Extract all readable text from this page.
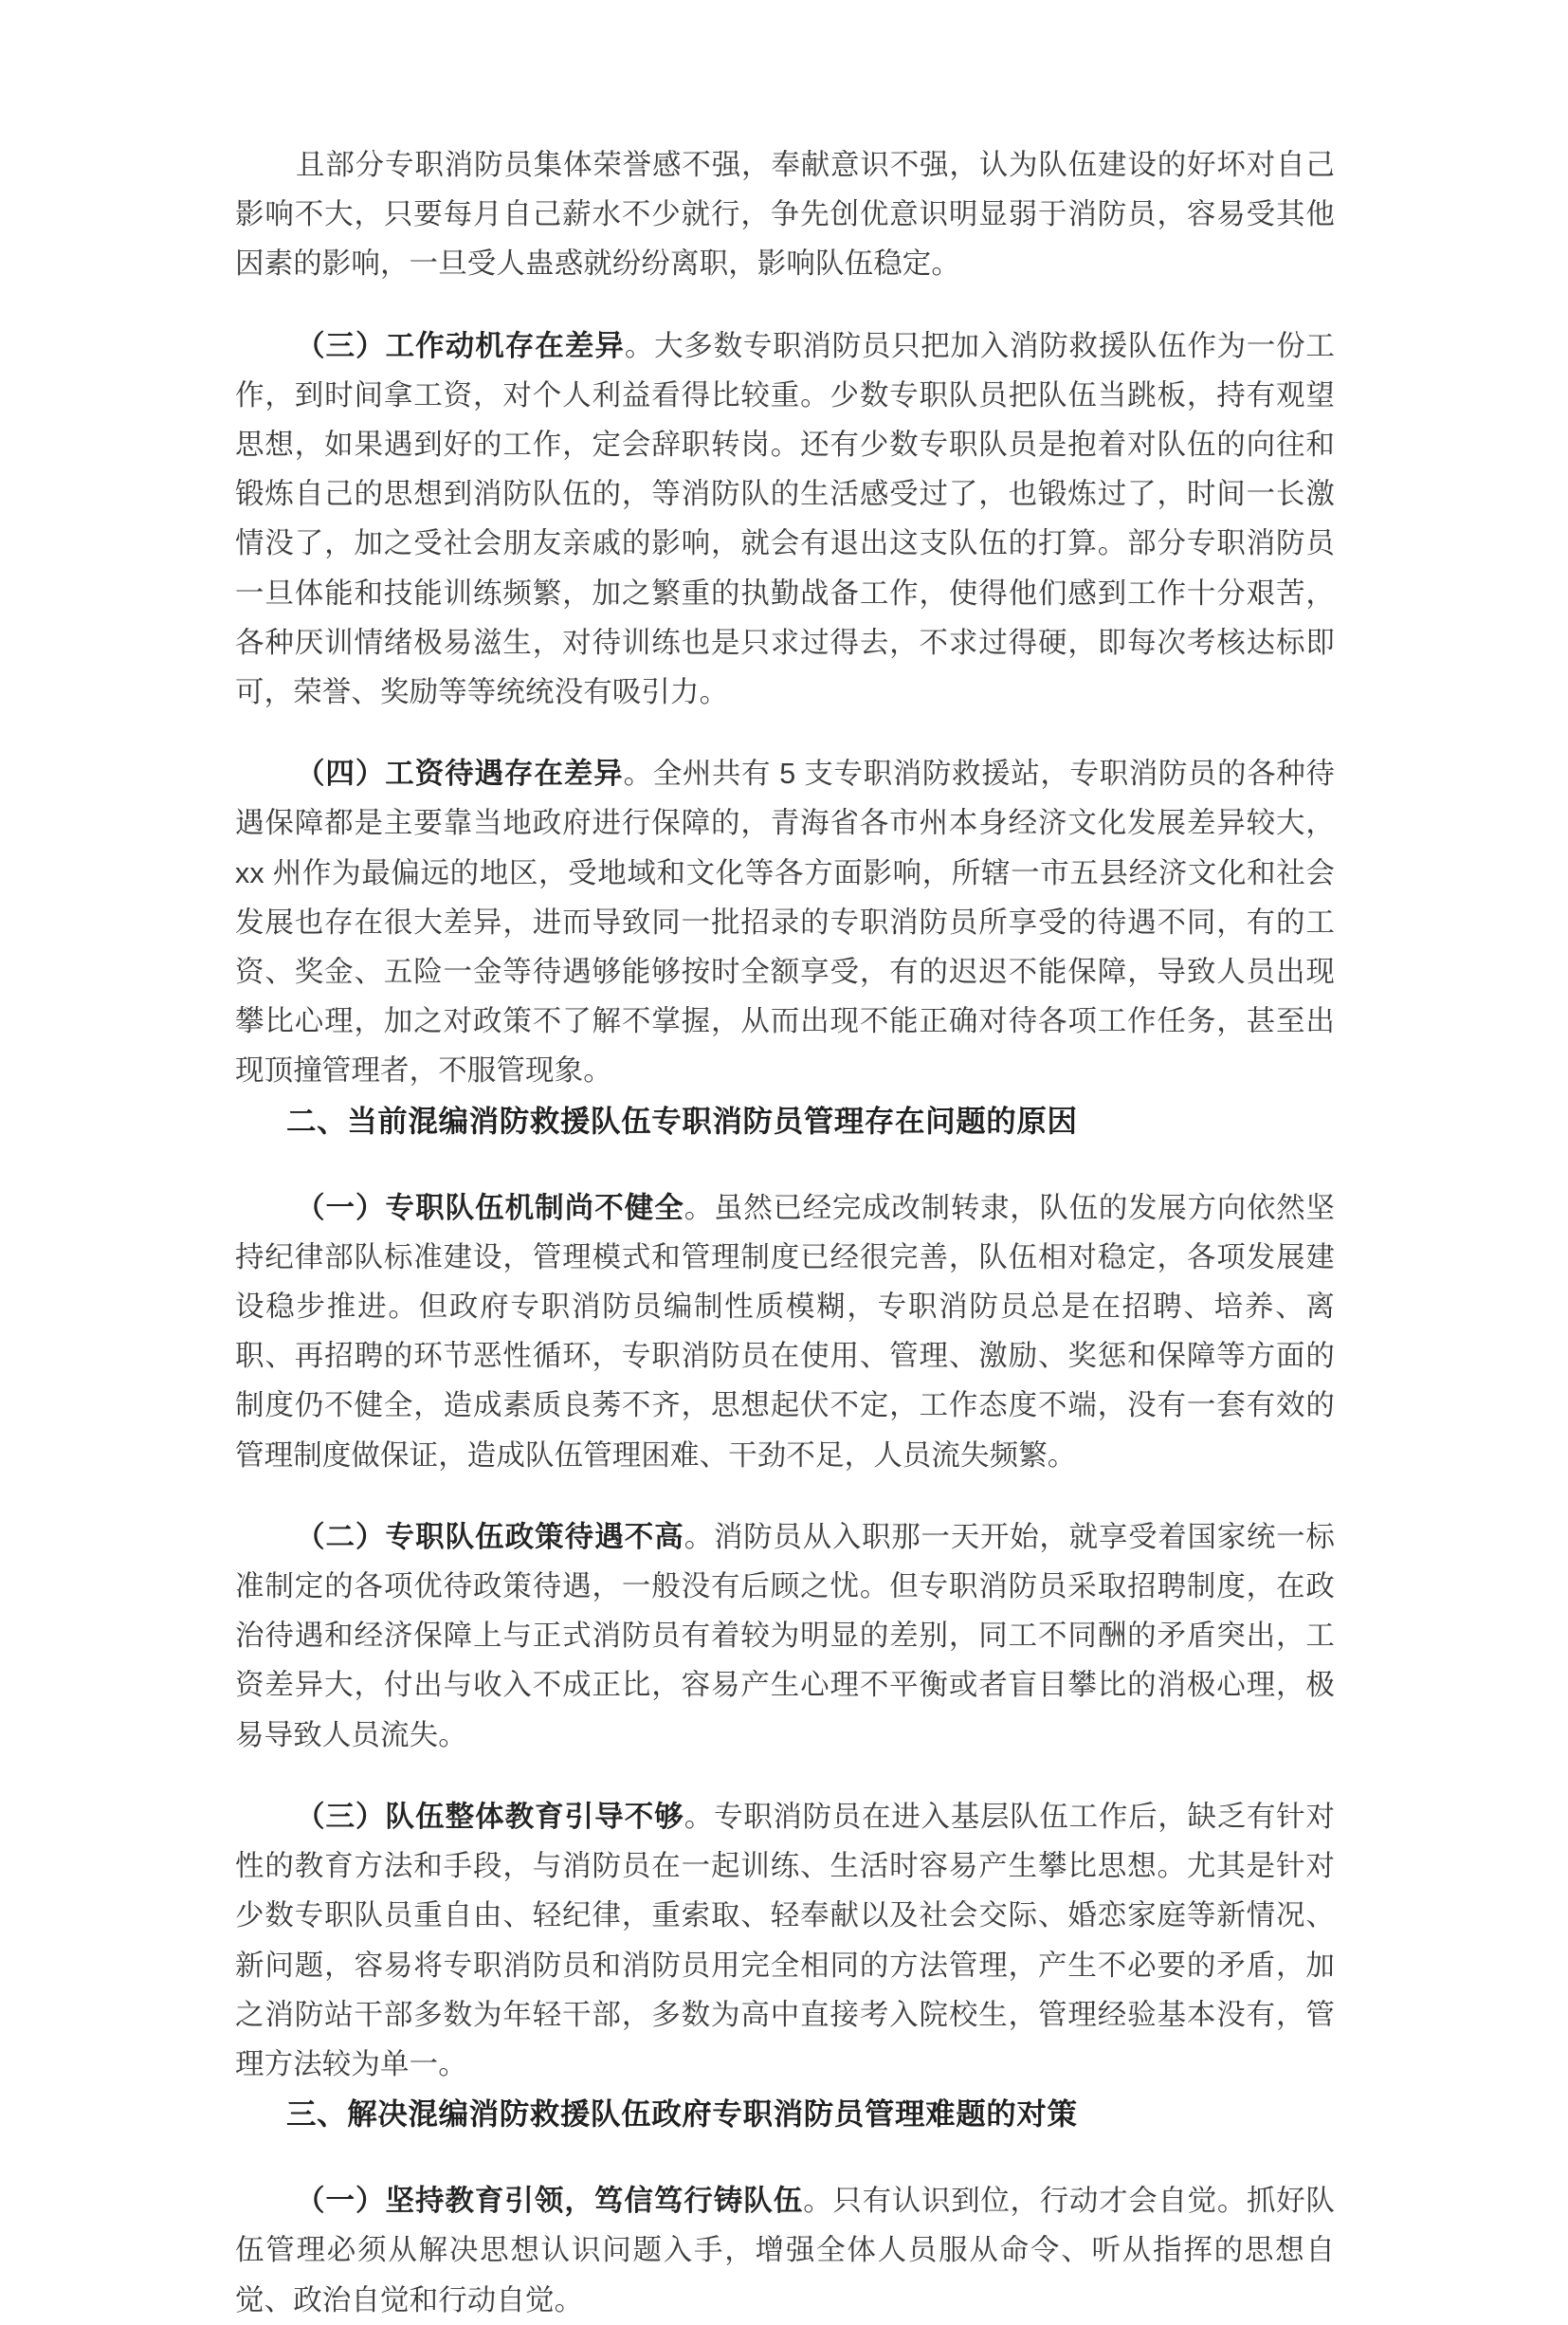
且部分专职消防员集体荣誉感不强，奉献意识不强，认为队伍建设的好坏对自己影响不大，只要每月自己薪水不少就行，争先创优意识明显弱于消防员，容易受其他因素的影响，一旦受人蛊惑就纷纷离职，影响队伍稳定。

（三）工作动机存在差异。大多数专职消防员只把加入消防救援队伍作为一份工作，到时间拿工资，对个人利益看得比较重。少数专职队员把队伍当跳板，持有观望思想，如果遇到好的工作，定会辞职转岗。还有少数专职队员是抱着对队伍的向往和锻炼自己的思想到消防队伍的，等消防队的生活感受过了，也锻炼过了，时间一长激情没了，加之受社会朋友亲戚的影响，就会有退出这支队伍的打算。部分专职消防员一旦体能和技能训练频繁，加之繁重的执勤战备工作，使得他们感到工作十分艰苦，各种厌训情绪极易滋生，对待训练也是只求过得去，不求过得硬，即每次考核达标即可，荣誉、奖励等等统统没有吸引力。

（四）工资待遇存在差异。全州共有 5 支专职消防救援站，专职消防员的各种待遇保障都是主要靠当地政府进行保障的，青海省各市州本身经济文化发展差异较大，xx 州作为最偏远的地区，受地域和文化等各方面影响，所辖一市五县经济文化和社会发展也存在很大差异，进而导致同一批招录的专职消防员所享受的待遇不同，有的工资、奖金、五险一金等待遇够能够按时全额享受，有的迟迟不能保障，导致人员出现攀比心理，加之对政策不了解不掌握，从而出现不能正确对待各项工作任务，甚至出现顶撞管理者，不服管现象。

二、当前混编消防救援队伍专职消防员管理存在问题的原因

（一）专职队伍机制尚不健全。虽然已经完成改制转隶，队伍的发展方向依然坚持纪律部队标准建设，管理模式和管理制度已经很完善，队伍相对稳定，各项发展建设稳步推进。但政府专职消防员编制性质模糊，专职消防员总是在招聘、培养、离职、再招聘的环节恶性循环，专职消防员在使用、管理、激励、奖惩和保障等方面的制度仍不健全，造成素质良莠不齐，思想起伏不定，工作态度不端，没有一套有效的管理制度做保证，造成队伍管理困难、干劲不足，人员流失频繁。

（二）专职队伍政策待遇不高。消防员从入职那一天开始，就享受着国家统一标准制定的各项优待政策待遇，一般没有后顾之忧。但专职消防员采取招聘制度，在政治待遇和经济保障上与正式消防员有着较为明显的差别，同工不同酬的矛盾突出，工资差异大，付出与收入不成正比，容易产生心理不平衡或者盲目攀比的消极心理，极易导致人员流失。

（三）队伍整体教育引导不够。专职消防员在进入基层队伍工作后，缺乏有针对性的教育方法和手段，与消防员在一起训练、生活时容易产生攀比思想。尤其是针对少数专职队员重自由、轻纪律，重索取、轻奉献以及社会交际、婚恋家庭等新情况、新问题，容易将专职消防员和消防员用完全相同的方法管理，产生不必要的矛盾，加之消防站干部多数为年轻干部，多数为高中直接考入院校生，管理经验基本没有，管理方法较为单一。

三、解决混编消防救援队伍政府专职消防员管理难题的对策

（一）坚持教育引领，笃信笃行铸队伍。只有认识到位，行动才会自觉。抓好队伍管理必须从解决思想认识问题入手，增强全体人员服从命令、听从指挥的思想自觉、政治自觉和行动自觉。
